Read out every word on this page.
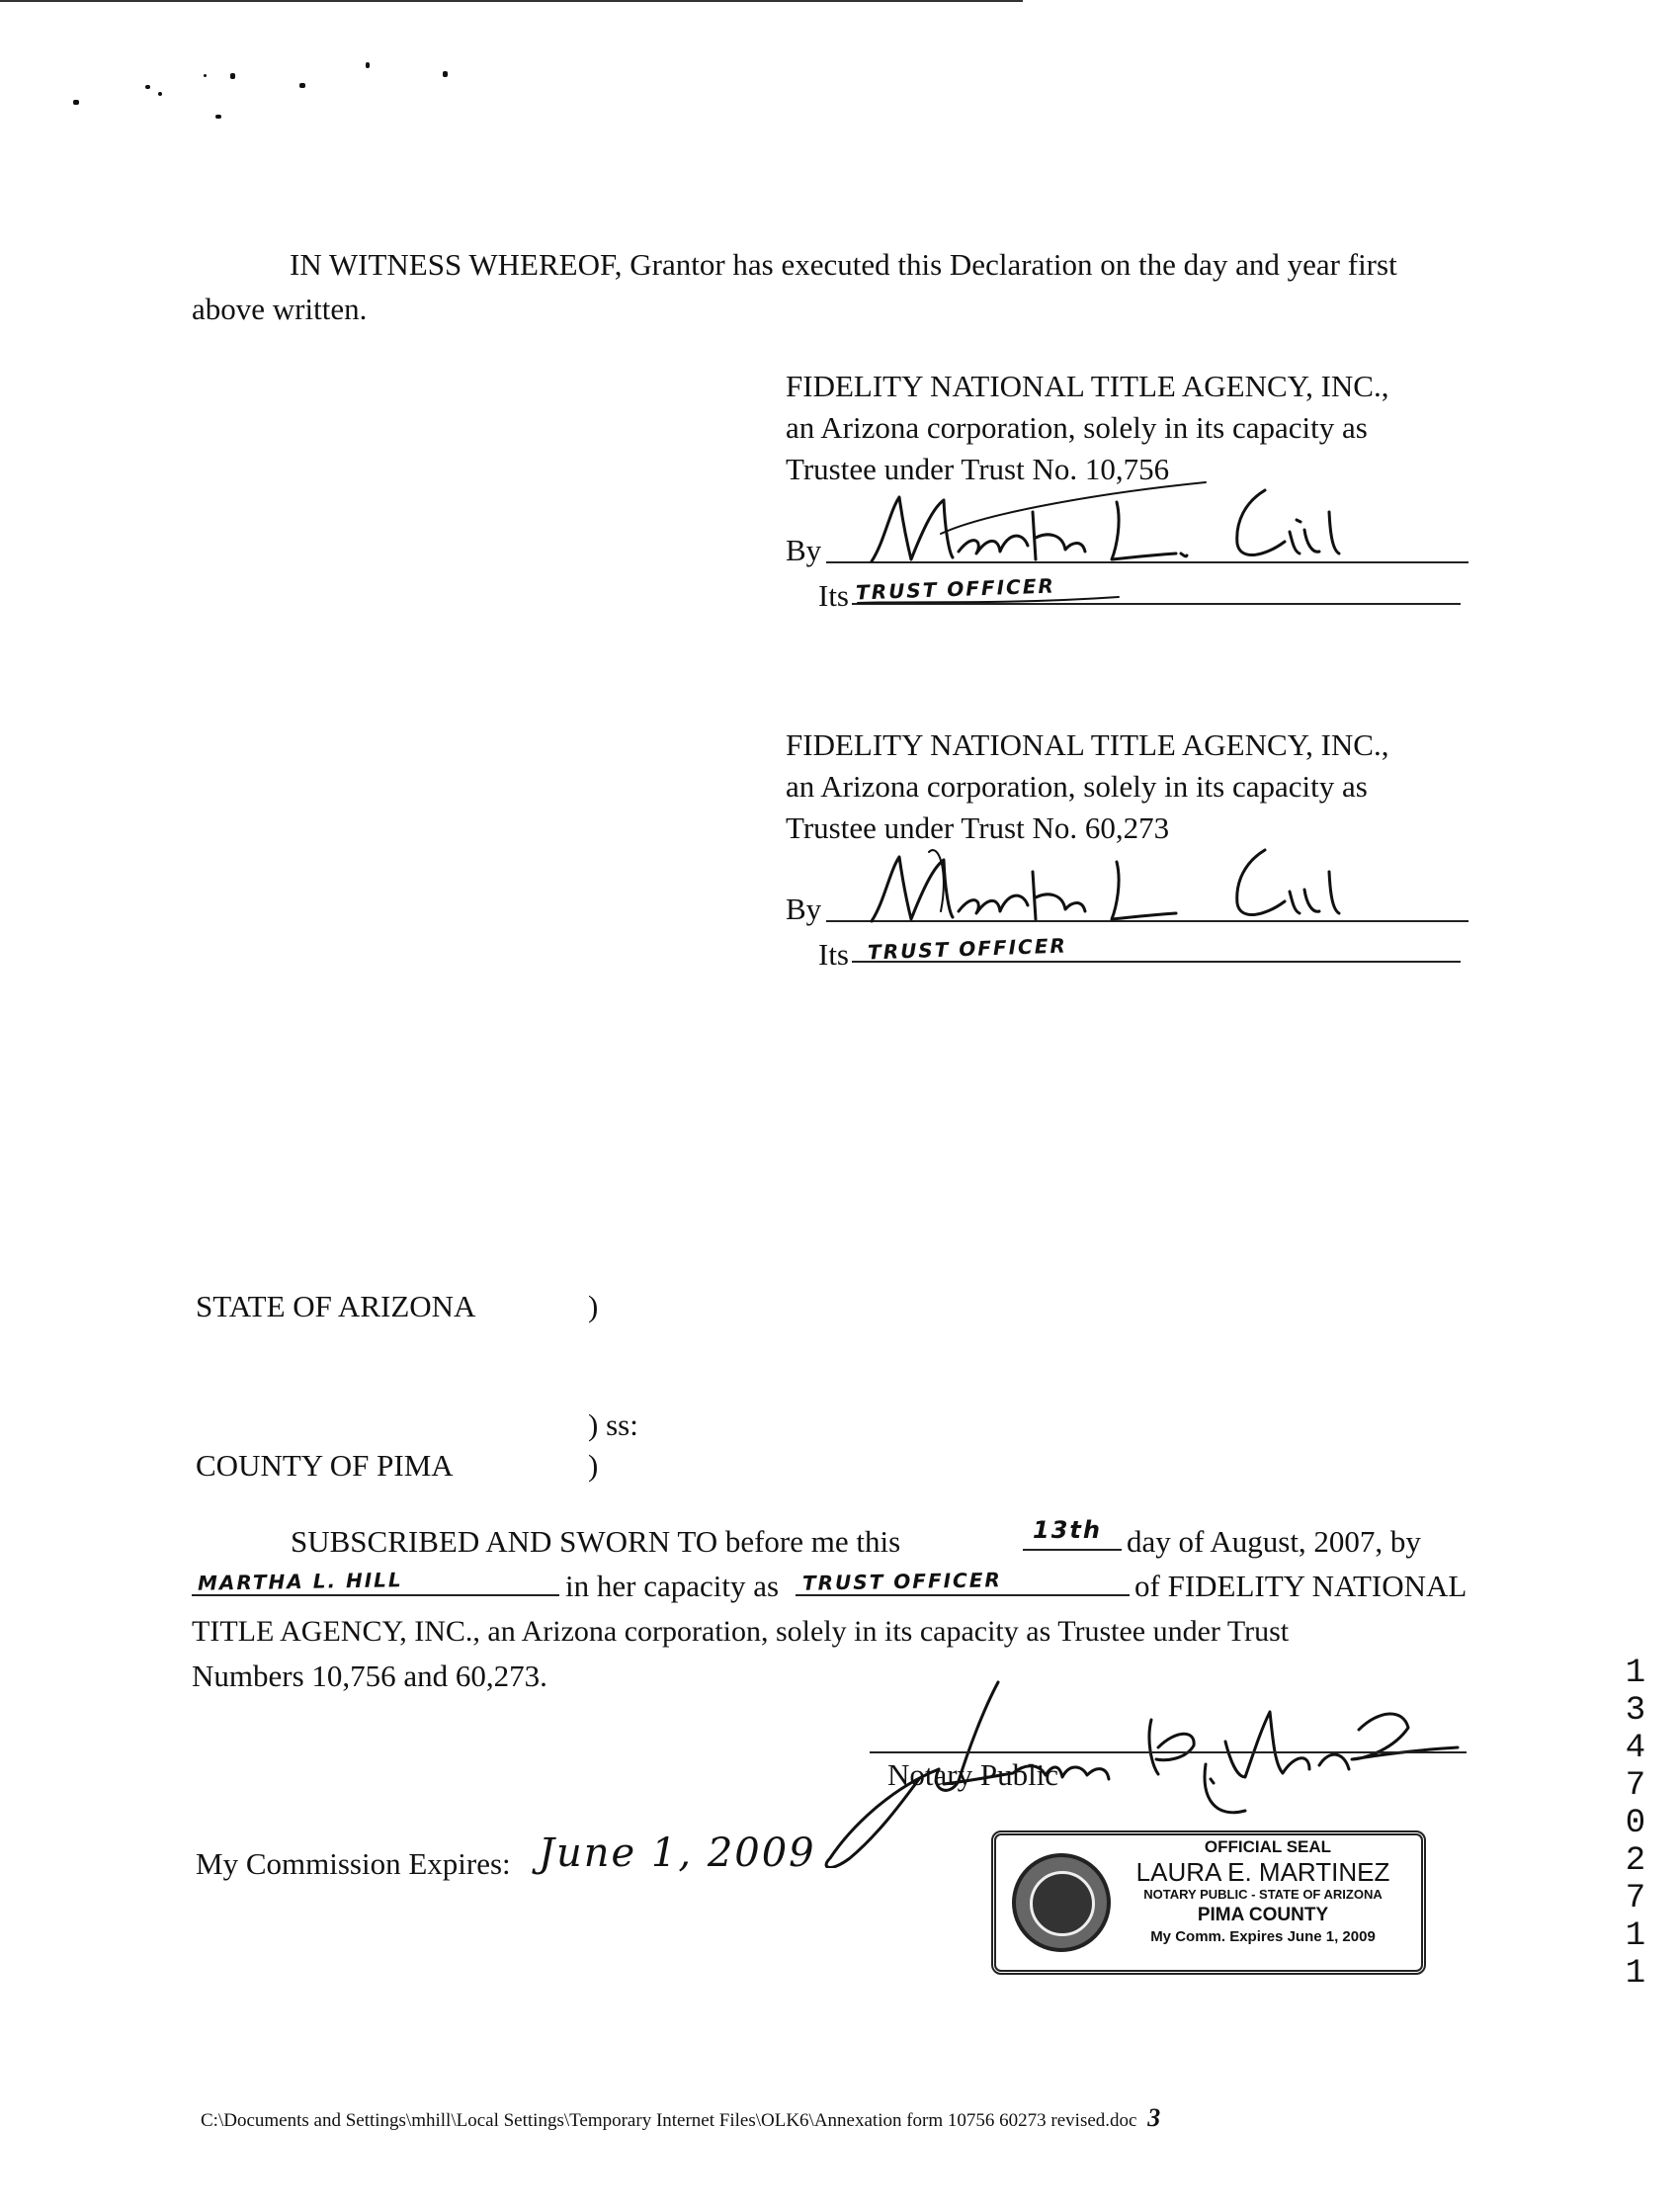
IN WITNESS WHEREOF, Grantor has executed this Declaration on the day and year first
above written.
FIDELITY NATIONAL TITLE AGENCY, INC.,
an Arizona corporation, solely in its capacity as
Trustee under Trust No. 10,756
By
Its TRUST OFFICER
FIDELITY NATIONAL TITLE AGENCY, INC.,
an Arizona corporation, solely in its capacity as
Trustee under Trust No. 60,273
By
Its TRUST OFFICER
STATE OF ARIZONA	)
) ss:
COUNTY OF PIMA	)
SUBSCRIBED AND SWORN TO before me this	13th day of August, 2007, by
MARTHA L. HILL	in her capacity as TRUST OFFICER	of FIDELITY NATIONAL
TITLE AGENCY, INC., an Arizona corporation, solely in its capacity as Trustee under Trust
Numbers 10,756 and 60,273.
Notary Public
My Commission Expires: June 1, 2009	OFFICIAL SEAL
LAURA E. MARTINEZ
NOTARY PUBLIC - STATE OF ARIZONA
PIMA COUNTY
My Comm. Expires June 1, 2009

1347 0271 1

C:\Documents and Settings\mhill\Local Settings\Temporary Internet Files\OLK6\Annexation form 10756 60273 revised.doc 3
